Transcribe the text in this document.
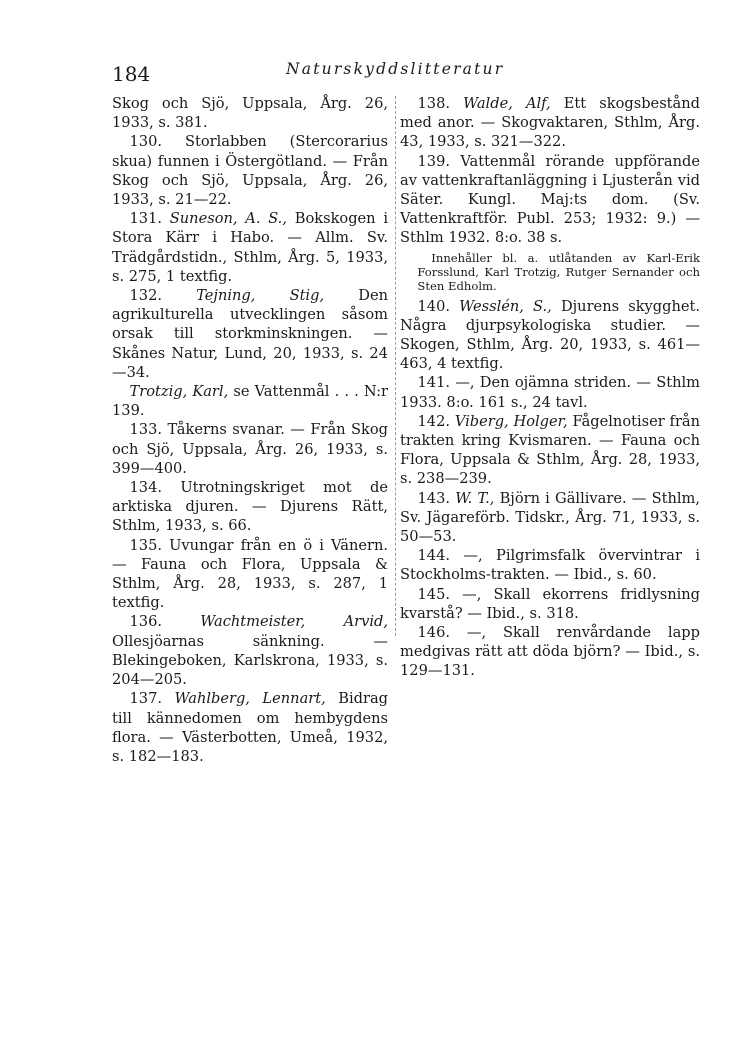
184	Naturskyddslitteratur

Skog och Sjö, Uppsala, Årg. 26, 1933, s. 381.

130. Storlabben (Stercorarius skua) funnen i Östergötland. — Från Skog och Sjö, Uppsala, Årg. 26, 1933, s. 21—22.

131. Suneson, A. S., Bokskogen i Stora Kärr i Habo. — Allm. Sv. Trädgårdstidn., Sthlm, Årg. 5, 1933, s. 275, 1 textfig.

132. Tejning, Stig, Den agrikulturella utvecklingen såsom orsak till storkminskningen. — Skånes Natur, Lund, 20, 1933, s. 24—34.

Trotzig, Karl, se Vattenmål . . . N:r 139.

133. Tåkerns svanar. — Från Skog och Sjö, Uppsala, Årg. 26, 1933, s. 399—400.

134. Utrotningskriget mot de arktiska djuren. — Djurens Rätt, Sthlm, 1933, s. 66.

135. Uvungar från en ö i Vänern. — Fauna och Flora, Uppsala & Sthlm, Årg. 28, 1933, s. 287, 1 textfig.

136.	Wachtmeister, Arvid, Ollesjöarnas sänkning. — Blekingeboken, Karlskrona, 1933, s. 204—205.

137. Wahlberg, Lennart, Bidrag till kännedomen om hembygdens flora. — Västerbotten, Umeå, 1932, s. 182—183.

138. Walde, Alf, Ett skogsbestånd med anor. — Skogvaktaren, Sthlm, Årg. 43, 1933, s. 321—322.

139. Vattenmål rörande uppförande av vattenkraftanläggning i Ljusterån vid Säter. Kungl. Maj:ts dom. (Sv. Vattenkraftför. Publ. 253; 1932: 9.) — Sthlm 1932. 8:o. 38 s.

Innehåller bl. a. utlåtanden av Karl-Erik Forsslund, Karl Trotzig, Rutger Sernander och Sten Edholm.

140. Wesslén, S., Djurens skygghet. Några djurpsykologiska studier. — Skogen, Sthlm, Årg. 20, 1933, s. 461—463, 4 textfig.

141. —, Den ojämna striden. — Sthlm 1933. 8:o. 161 s., 24 tavl.

142. Viberg, Holger, Fågelnotiser från trakten kring Kvismaren. — Fauna och Flora, Uppsala & Sthlm, Årg. 28, 1933, s. 238—239.

143. W. T., Björn i Gällivare. — Sthlm, Sv. Jägareförb. Tidskr., Årg. 71, 1933, s. 50—53.

144. —, Pilgrimsfalk övervintrar i Stockholms-trakten. — Ibid., s. 60.

145. —, Skall ekorrens fridlysning kvarstå? — Ibid., s. 318.

146. —, Skall renvårdande lapp medgivas rätt att döda björn? — Ibid., s. 129—131.
